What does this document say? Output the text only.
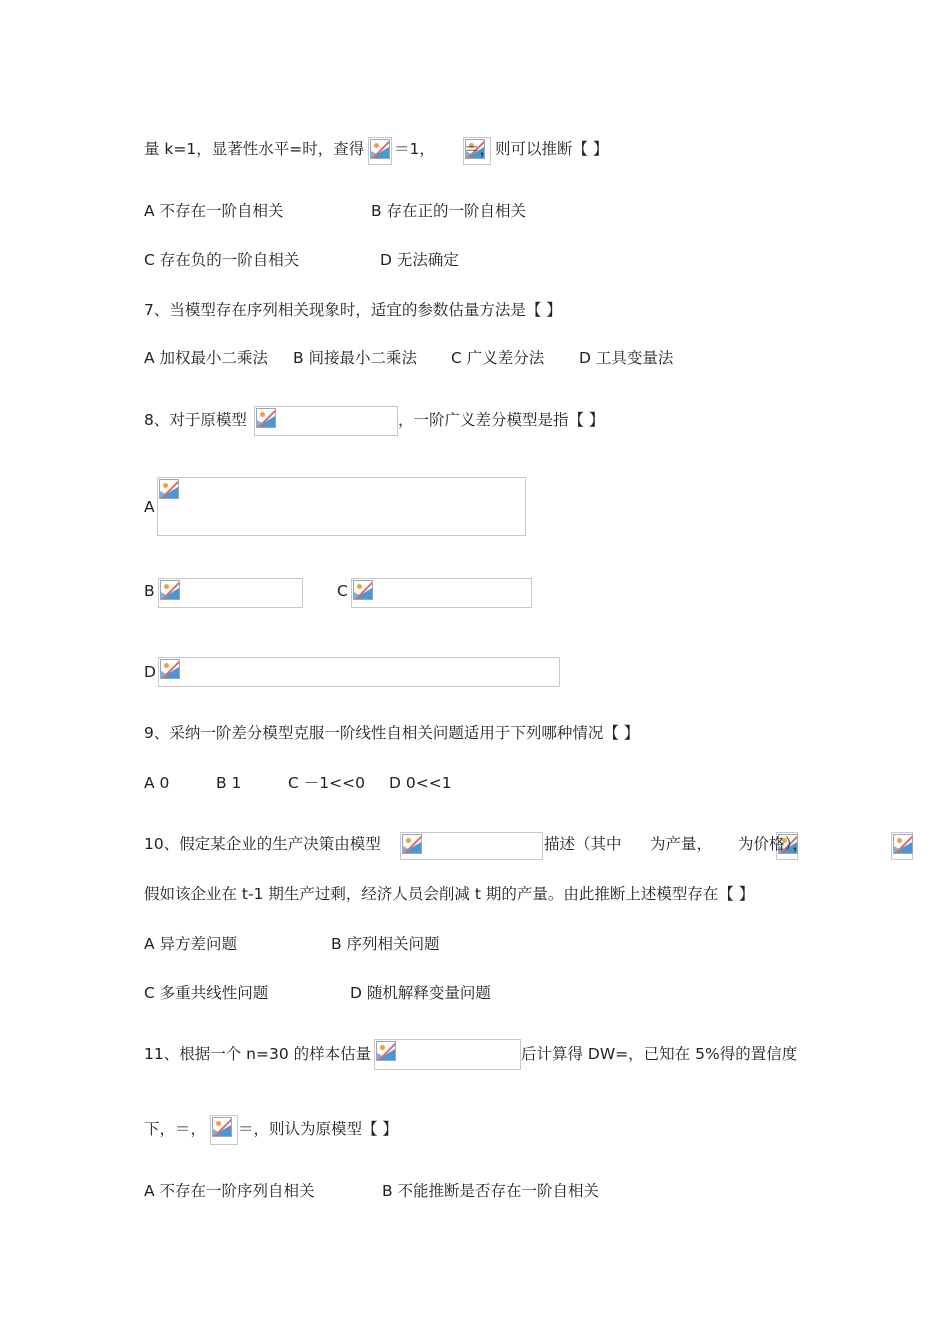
量 k=1，显著性水平=时，查得
＝1， ＝，则可以推断【 】
A 不存在一阶自相关	B 存在正的一阶自相关
C 存在负的一阶自相关	D 无法确定
7、当模型存在序列相关现象时，适宜的参数估量方法是【 】
A 加权最小二乘法 B 间接最小二乘法 C 广义差分法 D 工具变量法
8、对于原模型	，一阶广义差分模型是指【 】
A
B	C
D
9、采纳一阶差分模型克服一阶线性自相关问题适用于下列哪种情况【 】
A 0	B 1	C －1<<0 D 0<<1
10、假定某企业的生产决策由模型
	描述（其中
为产量， 为价格），
假如该企业在 t-1 期生产过剩，经济人员会削减 t 期的产量。由此推断上述模型存在【 】
A 异方差问题	B 序列相关问题
C 多重共线性问题	D 随机解释变量问题
11、根据一个 n=30 的样本估量	后计算得 DW=，已知在 5%得的置信度
下，＝， ＝，则认为原模型【 】
A 不存在一阶序列自相关	B 不能推断是否存在一阶自相关
